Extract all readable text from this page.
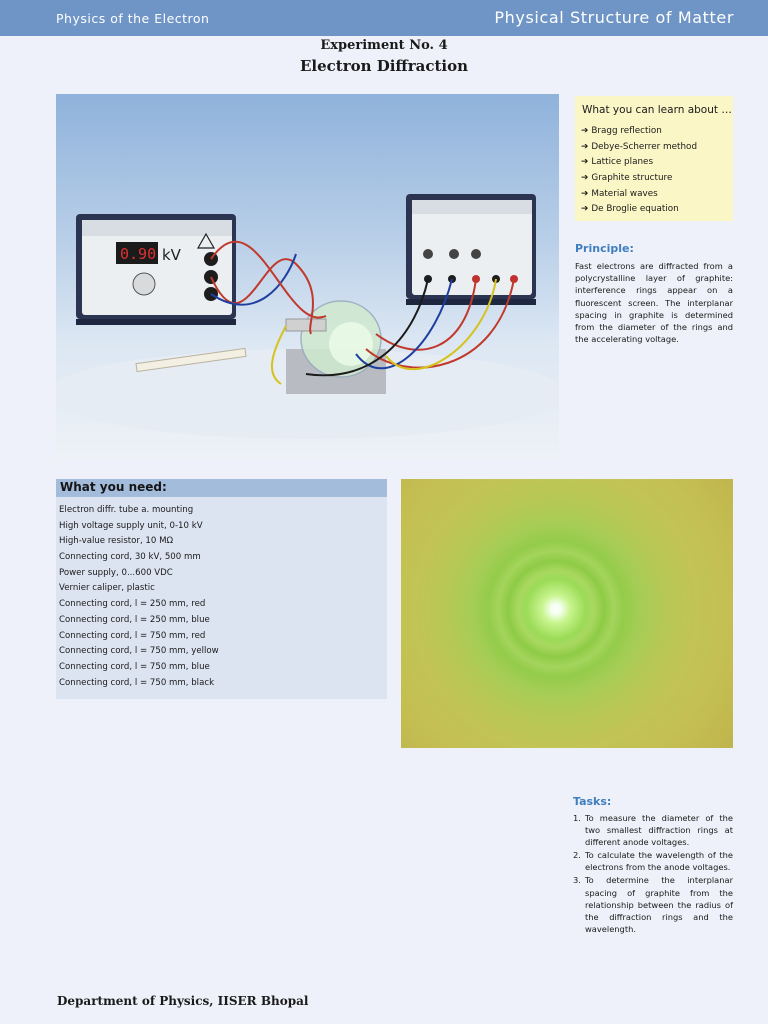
Physics of the Electron	Physical Structure of Matter
Experiment No. 4
Electron Diffraction
0.90 kV
What you can learn about …
➔ Bragg reflection
➔ Debye-Scherrer method
➔ Lattice planes
➔ Graphite structure
➔ Material waves
➔ De Broglie equation
Principle:

Fast electrons are diffracted from a polycrystalline layer of graphite: interference rings appear on a fluorescent screen. The interplanar spacing in graphite is determined from the diameter of the rings and the accelerating voltage.

What you need:
Electron diffr. tube a. mounting
High voltage supply unit, 0-10 kV
High-value resistor, 10 MΩ
Connecting cord, 30 kV, 500 mm
Power supply, 0...600 VDC
Vernier caliper, plastic
Connecting cord, l = 250 mm, red
Connecting cord, l = 250 mm, blue
Connecting cord, l = 750 mm, red
Connecting cord, l = 750 mm, yellow
Connecting cord, l = 750 mm, blue
Connecting cord, l = 750 mm, black
Tasks:
1. To measure the diameter of the two smallest diffraction rings at different anode voltages.
2. To calculate the wavelength of the electrons from the anode voltages.
3. To determine the interplanar spacing of graphite from the relationship between the radius of the diffraction rings and the wavelength.
Department of Physics, IISER Bhopal
